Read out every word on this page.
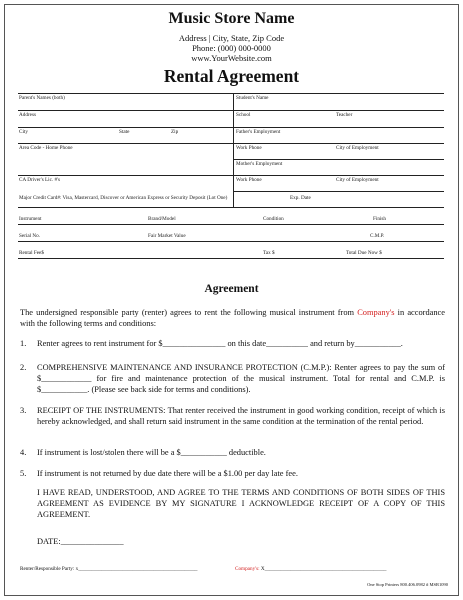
Music Store Name
Address | City, State, Zip Code
Phone: (000) 000-0000
www.YourWebsite.com
Rental Agreement
Parent's Names (both)	Student's Name
Address	School	Teacher
City	State	Zip	Father's Employment
Area Code - Home Phone	Work Phone	City of Employment
Mother's Employment
CA Driver's Lic. #'s	Work Phone	City of Employment
Major Credit Card#: Visa, Mastercard, Discover or American Express or Security Deposit (Lot One)	Exp. Date
Instrument	Brand/Model	Condition	Finish
Serial No.	Fair Market Value	C.M.P.
Rental Fee$	Tax $	Total Due Now $
Agreement
The undersigned responsible party (renter) agrees to rent the following musical instrument from Company's in accordance with the following terms and conditions:
1. Renter agrees to rent instrument for $_______________ on this date__________ and return by___________.
2. COMPREHENSIVE MAINTENANCE AND INSURANCE PROTECTION (C.M.P.): Renter agrees to pay the sum of $____________ for fire and maintenance protection of the musical instrument. Total for rental and C.M.P. is $___________. (Please see back side for terms and conditions).
3. RECEIPT OF THE INSTRUMENTS: That renter received the instrument in good working condition, receipt of which is hereby acknowledged, and shall return said instrument in the same condition at the termination of the rental period.
4. If instrument is lost/stolen there will be a $___________ deductible.
5. If instrument is not returned by due date there will be a $1.00 per day late fee.
I HAVE READ, UNDERSTOOD, AND AGREE TO THE TERMS AND CONDITIONS OF BOTH SIDES OF THIS AGREEMENT AS EVIDENCE BY MY SIGNATURE I ACKNOWLEDGE RECEIPT OF A COPY OF THIS AGREEMENT.
DATE:_______________
Renter/Responsible Party: x______________________________________________	Company's: X_______________________________________________
One Stop Printers 800.406.0982 # MSR1090
